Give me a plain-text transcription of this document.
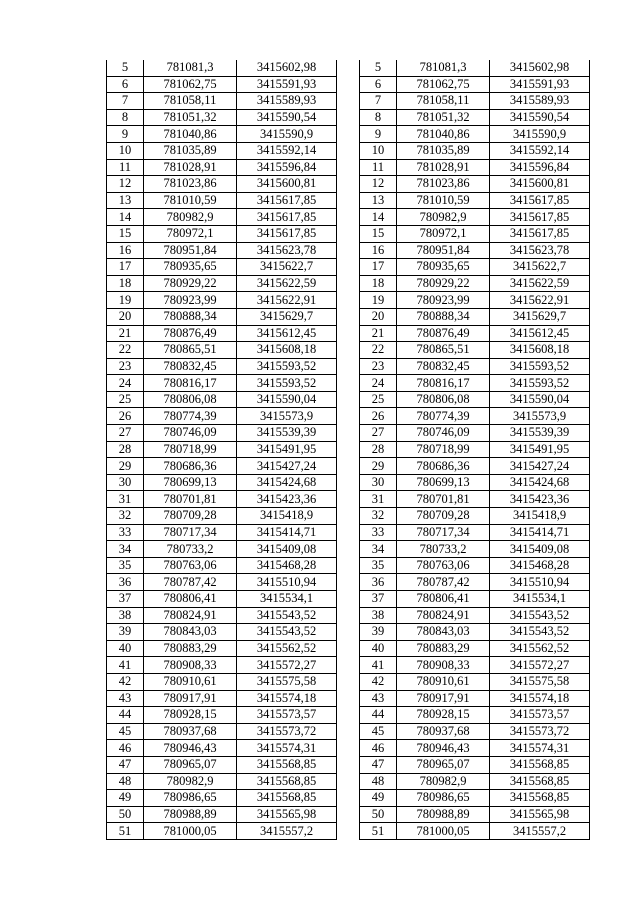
5	781081,3	3415602,98
6	781062,75	3415591,93
7	781058,11	3415589,93
8	781051,32	3415590,54
9	781040,86	3415590,9
10	781035,89	3415592,14
11	781028,91	3415596,84
12	781023,86	3415600,81
13	781010,59	3415617,85
14	780982,9	3415617,85
15	780972,1	3415617,85
16	780951,84	3415623,78
17	780935,65	3415622,7
18	780929,22	3415622,59
19	780923,99	3415622,91
20	780888,34	3415629,7
21	780876,49	3415612,45
22	780865,51	3415608,18
23	780832,45	3415593,52
24	780816,17	3415593,52
25	780806,08	3415590,04
26	780774,39	3415573,9
27	780746,09	3415539,39
28	780718,99	3415491,95
29	780686,36	3415427,24
30	780699,13	3415424,68
31	780701,81	3415423,36
32	780709,28	3415418,9
33	780717,34	3415414,71
34	780733,2	3415409,08
35	780763,06	3415468,28
36	780787,42	3415510,94
37	780806,41	3415534,1
38	780824,91	3415543,52
39	780843,03	3415543,52
40	780883,29	3415562,52
41	780908,33	3415572,27
42	780910,61	3415575,58
43	780917,91	3415574,18
44	780928,15	3415573,57
45	780937,68	3415573,72
46	780946,43	3415574,31
47	780965,07	3415568,85
48	780982,9	3415568,85
49	780986,65	3415568,85
50	780988,89	3415565,98
51	781000,05	3415557,2
5	781081,3	3415602,98
6	781062,75	3415591,93
7	781058,11	3415589,93
8	781051,32	3415590,54
9	781040,86	3415590,9
10	781035,89	3415592,14
11	781028,91	3415596,84
12	781023,86	3415600,81
13	781010,59	3415617,85
14	780982,9	3415617,85
15	780972,1	3415617,85
16	780951,84	3415623,78
17	780935,65	3415622,7
18	780929,22	3415622,59
19	780923,99	3415622,91
20	780888,34	3415629,7
21	780876,49	3415612,45
22	780865,51	3415608,18
23	780832,45	3415593,52
24	780816,17	3415593,52
25	780806,08	3415590,04
26	780774,39	3415573,9
27	780746,09	3415539,39
28	780718,99	3415491,95
29	780686,36	3415427,24
30	780699,13	3415424,68
31	780701,81	3415423,36
32	780709,28	3415418,9
33	780717,34	3415414,71
34	780733,2	3415409,08
35	780763,06	3415468,28
36	780787,42	3415510,94
37	780806,41	3415534,1
38	780824,91	3415543,52
39	780843,03	3415543,52
40	780883,29	3415562,52
41	780908,33	3415572,27
42	780910,61	3415575,58
43	780917,91	3415574,18
44	780928,15	3415573,57
45	780937,68	3415573,72
46	780946,43	3415574,31
47	780965,07	3415568,85
48	780982,9	3415568,85
49	780986,65	3415568,85
50	780988,89	3415565,98
51	781000,05	3415557,2
